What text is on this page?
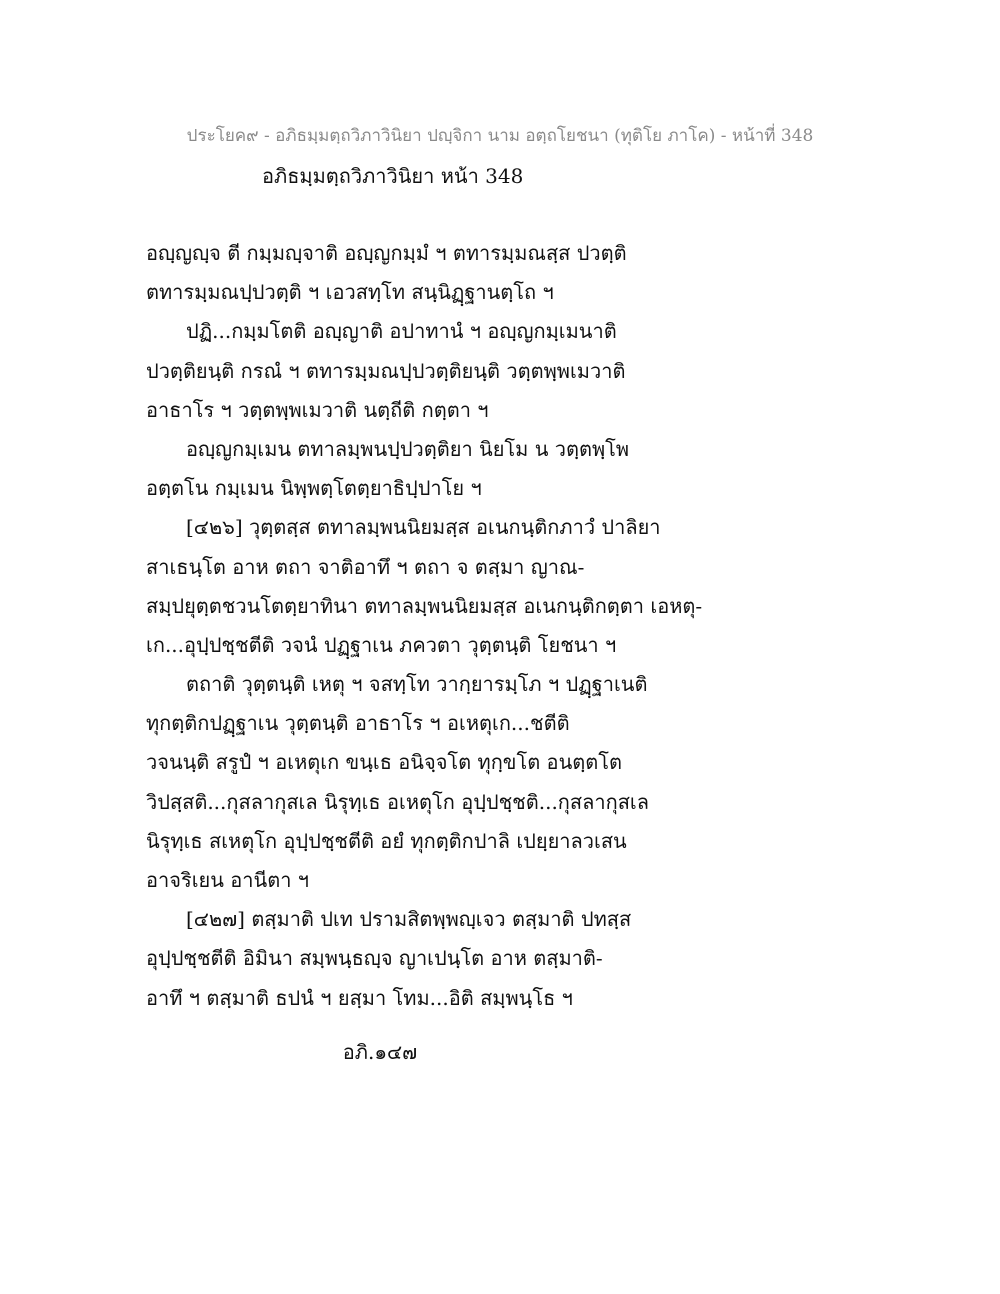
ประโยค๙ - อภิธมฺมตฺถวิภาวินิยา ปญฺจิกา นาม อตฺถโยชนา (ทุติโย ภาโค) - หน้าที่ 348
อภิธมฺมตฺถวิภาวินิยา หน้า 348
อญฺญญฺจ ตี กมฺมญฺจาติ อญฺญกมฺมํ ฯ ตทารมฺมณสฺส ปวตฺติ
ตทารมฺมณปฺปวตฺติ ฯ เอวสทฺโท สนฺนิฏฺฐานตฺโถ ฯ
ปฏิ...กมฺมโตติ อญฺญาติ อปาทานํ ฯ อญฺญกมฺเมนาติ
ปวตฺติยนฺติ กรณํ ฯ ตทารมฺมณปฺปวตฺติยนฺติ วตฺตพฺพเมวาติ
อาธาโร ฯ วตฺตพฺพเมวาติ นตฺถีติ กตฺตา ฯ
อญฺญกมฺเมน ตทาลมฺพนปฺปวตฺติยา นิยโม น วตฺตพฺโพ
อตฺตโน กมฺเมน นิพฺพตฺโตตฺยาธิปฺปาโย ฯ
[๔๒๖] วุตฺตสฺส ตทาลมฺพนนิยมสฺส อเนกนฺติกภาวํ ปาลิยา
สาเธนฺโต อาห ตถา จาติอาทึ ฯ ตถา จ ตสฺมา ญาณ-
สมฺปยุตฺตชวนโตตฺยาทินา ตทาลมฺพนนิยมสฺส อเนกนฺติกตฺตา เอหตุ-
เก...อุปฺปชฺชตีติ วจนํ ปฏฺฐาเน ภควตา วุตฺตนฺติ โยชนา ฯ
ตถาติ วุตฺตนฺติ เหตุ ฯ จสทฺโท วากฺยารมฺโภ ฯ ปฏฺฐาเนติ
ทุกตฺติกปฏฺฐาเน วุตฺตนฺติ อาธาโร ฯ อเหตุเก...ชตีติ
วจนนฺติ สรูปํ ฯ อเหตุเก ขนฺเธ อนิจฺจโต ทุกฺขโต อนตฺตโต
วิปสฺสติ...กุสลากุสเล นิรุทฺเธ อเหตุโก อุปฺปชฺชติ...กุสลากุสเล
นิรุทฺเธ สเหตุโก อุปฺปชฺชตีติ อยํ ทุกตฺติกปาลิ เปยฺยาลวเสน
อาจริเยน อานีตา ฯ
[๔๒๗] ตสฺมาติ ปเท ปรามสิตพฺพญฺเจว ตสฺมาติ ปทสฺส
อุปฺปชฺชตีติ อิมินา สมฺพนฺธญฺจ ญาเปนฺโต อาห ตสฺมาติ-
อาทึ ฯ ตสฺมาติ ธปนํ ฯ ยสฺมา โทม...อิติ สมฺพนฺโธ ฯ
อภิ.๑๔๗
